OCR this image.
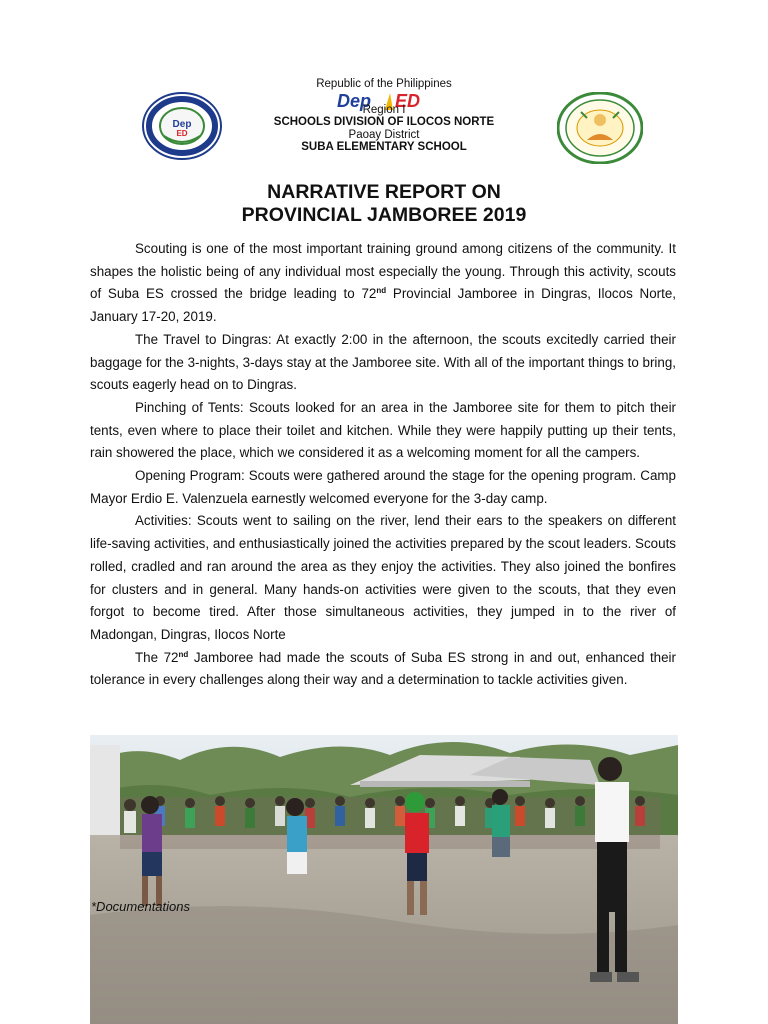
Republic of the Philippines
Dep ED
Region I
SCHOOLS DIVISION OF ILOCOS NORTE
Paoay District
SUBA ELEMENTARY SCHOOL
Dep
ED
NARRATIVE REPORT ON
PROVINCIAL JAMBOREE 2019

Scouting is one of the most important training ground among citizens of the community. It shapes the holistic being of any individual most especially the young. Through this activity, scouts of Suba ES crossed the bridge leading to 72nd Provincial Jamboree in Dingras, Ilocos Norte, January 17-20, 2019.

The Travel to Dingras: At exactly 2:00 in the afternoon, the scouts excitedly carried their baggage for the 3-nights, 3-days stay at the Jamboree site. With all of the important things to bring, scouts eagerly head on to Dingras.

Pinching of Tents: Scouts looked for an area in the Jamboree site for them to pitch their tents, even where to place their toilet and kitchen. While they were happily putting up their tents, rain showered the place, which we considered it as a welcoming moment for all the campers.

Opening Program: Scouts were gathered around the stage for the opening program. Camp Mayor Erdio E. Valenzuela earnestly welcomed everyone for the 3-day camp.

Activities: Scouts went to sailing on the river, lend their ears to the speakers on different life-saving activities, and enthusiastically joined the activities prepared by the scout leaders. Scouts rolled, cradled and ran around the area as they enjoy the activities. They also joined the bonfires for clusters and in general. Many hands-on activities were given to the scouts, that they even forgot to become tired. After those simultaneous activities, they jumped in to the river of Madongan, Dingras, Ilocos Norte

The 72nd Jamboree had made the scouts of Suba ES strong in and out, enhanced their tolerance in every challenges along their way and a determination to tackle activities given.

*Documentations
